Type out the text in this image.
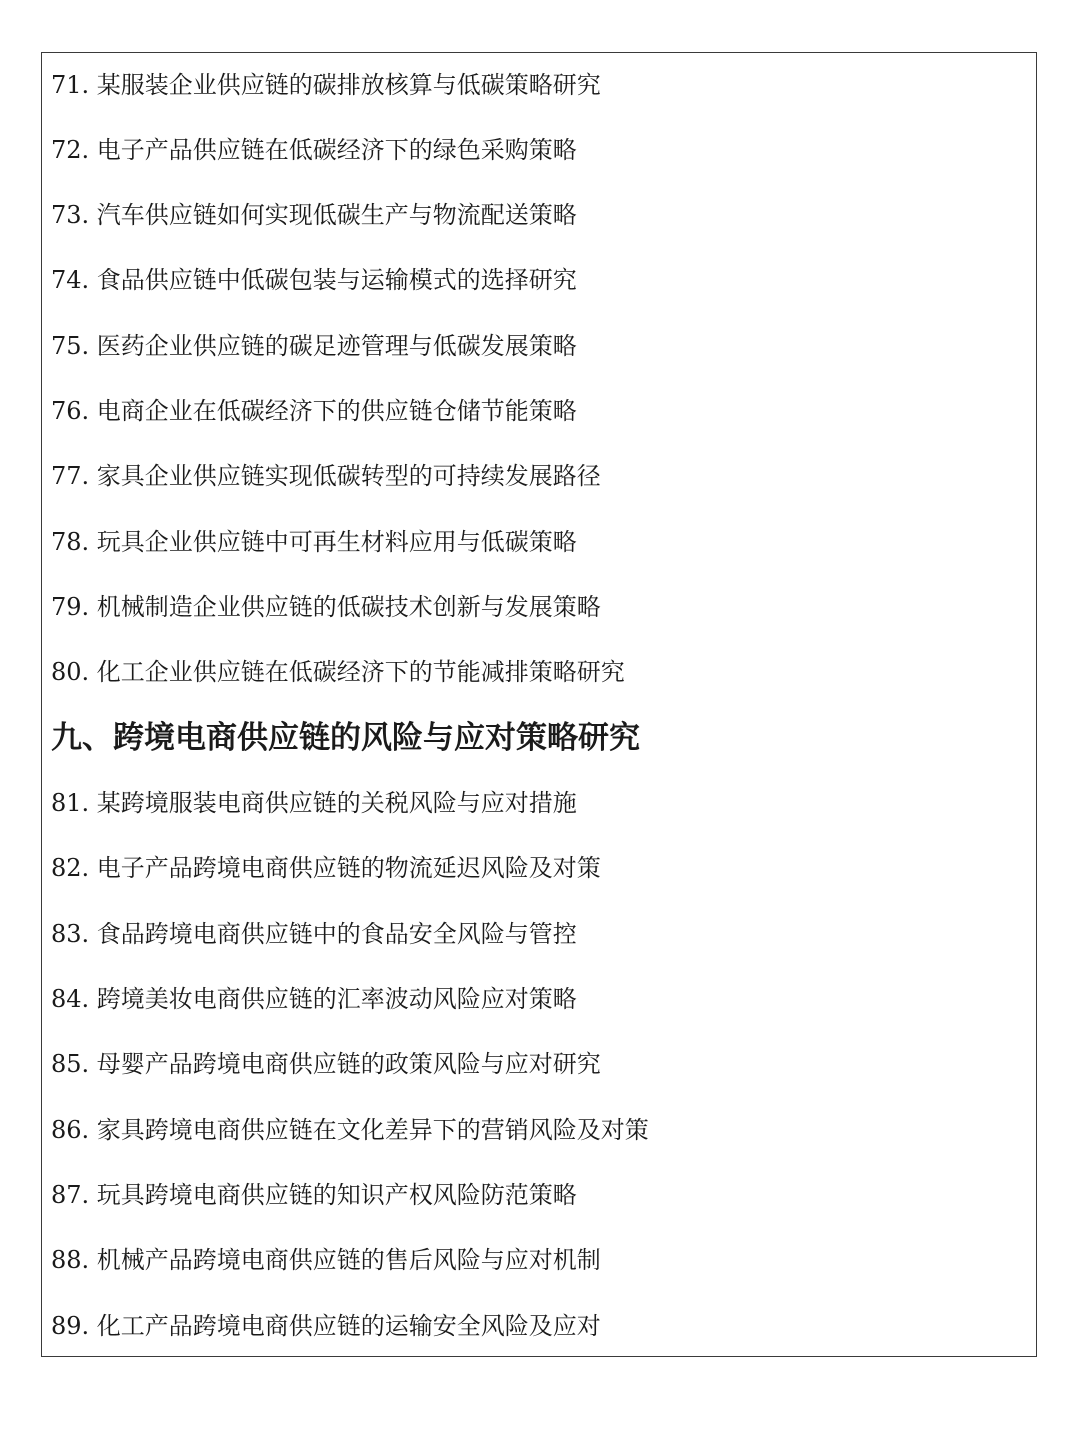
71. 某服装企业供应链的碳排放核算与低碳策略研究
72. 电子产品供应链在低碳经济下的绿色采购策略
73. 汽车供应链如何实现低碳生产与物流配送策略
74. 食品供应链中低碳包装与运输模式的选择研究
75. 医药企业供应链的碳足迹管理与低碳发展策略
76. 电商企业在低碳经济下的供应链仓储节能策略
77. 家具企业供应链实现低碳转型的可持续发展路径
78. 玩具企业供应链中可再生材料应用与低碳策略
79. 机械制造企业供应链的低碳技术创新与发展策略
80. 化工企业供应链在低碳经济下的节能减排策略研究
九、跨境电商供应链的风险与应对策略研究
81. 某跨境服装电商供应链的关税风险与应对措施
82. 电子产品跨境电商供应链的物流延迟风险及对策
83. 食品跨境电商供应链中的食品安全风险与管控
84. 跨境美妆电商供应链的汇率波动风险应对策略
85. 母婴产品跨境电商供应链的政策风险与应对研究
86. 家具跨境电商供应链在文化差异下的营销风险及对策
87. 玩具跨境电商供应链的知识产权风险防范策略
88. 机械产品跨境电商供应链的售后风险与应对机制
89. 化工产品跨境电商供应链的运输安全风险及应对
